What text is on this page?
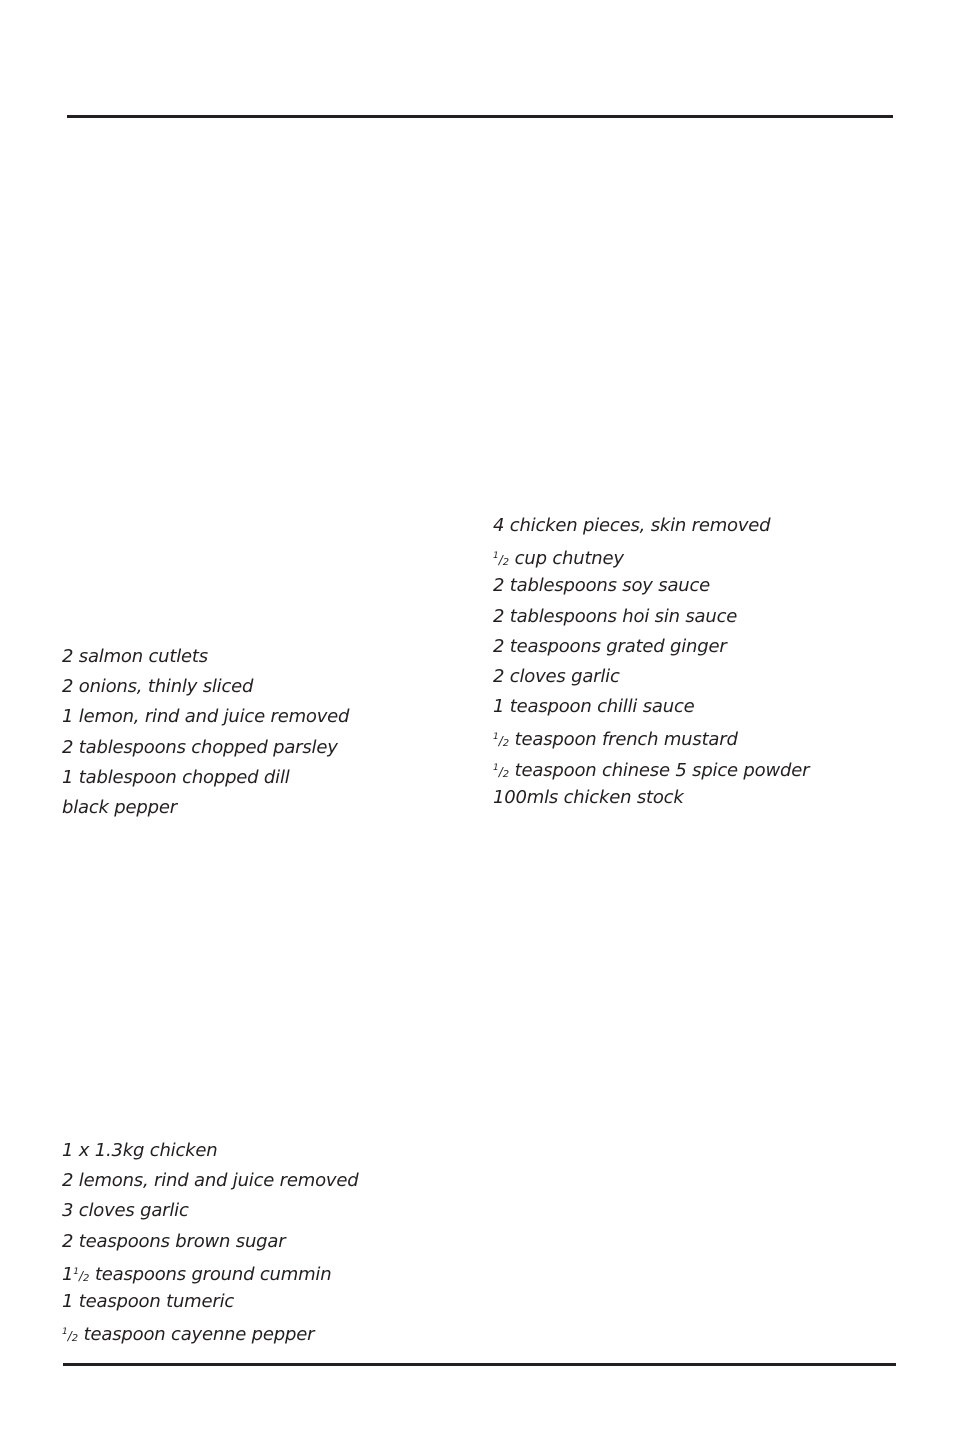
2 salmon cutlets
2 onions, thinly sliced
1 lemon, rind and juice removed
2 tablespoons chopped parsley
1 tablespoon chopped dill
black pepper
4 chicken pieces, skin removed
$^1$/2 cup chutney
2 tablespoons soy sauce
2 tablespoons hoi sin sauce
2 teaspoons grated ginger
2 cloves garlic
1 teaspoon chilli sauce
$^1$/2 teaspoon french mustard
$^1$/2 teaspoon chinese 5 spice powder
100mls chicken stock
1 x 1.3kg chicken
2 lemons, rind and juice removed
3 cloves garlic
2 teaspoons brown sugar
$1^1/2$ teaspoons ground cummin
1 teaspoon tumeric
$^1$/2 teaspoon cayenne pepper
